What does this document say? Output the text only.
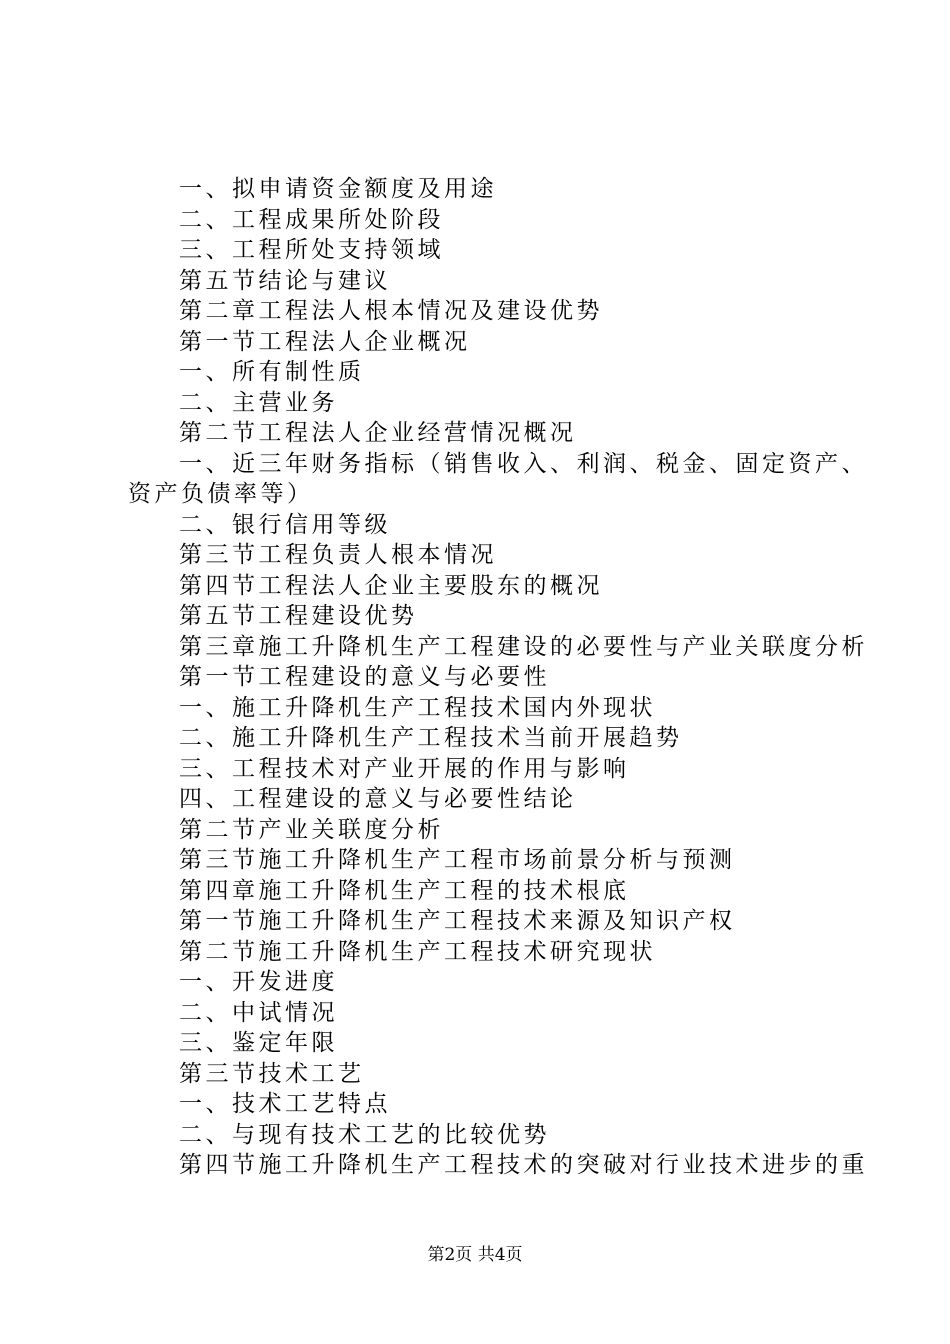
一、拟申请资金额度及用途
二、工程成果所处阶段
三、工程所处支持领域
第五节结论与建议
第二章工程法人根本情况及建设优势
第一节工程法人企业概况
一、所有制性质
二、主营业务
第二节工程法人企业经营情况概况
一、近三年财务指标（销售收入、利润、税金、固定资产、
资产负债率等）
二、银行信用等级
第三节工程负责人根本情况
第四节工程法人企业主要股东的概况
第五节工程建设优势
第三章施工升降机生产工程建设的必要性与产业关联度分析
第一节工程建设的意义与必要性
一、施工升降机生产工程技术国内外现状
二、施工升降机生产工程技术当前开展趋势
三、工程技术对产业开展的作用与影响
四、工程建设的意义与必要性结论
第二节产业关联度分析
第三节施工升降机生产工程市场前景分析与预测
第四章施工升降机生产工程的技术根底
第一节施工升降机生产工程技术来源及知识产权
第二节施工升降机生产工程技术研究现状
一、开发进度
二、中试情况
三、鉴定年限
第三节技术工艺
一、技术工艺特点
二、与现有技术工艺的比较优势
第四节施工升降机生产工程技术的突破对行业技术进步的重
第2页 共4页
